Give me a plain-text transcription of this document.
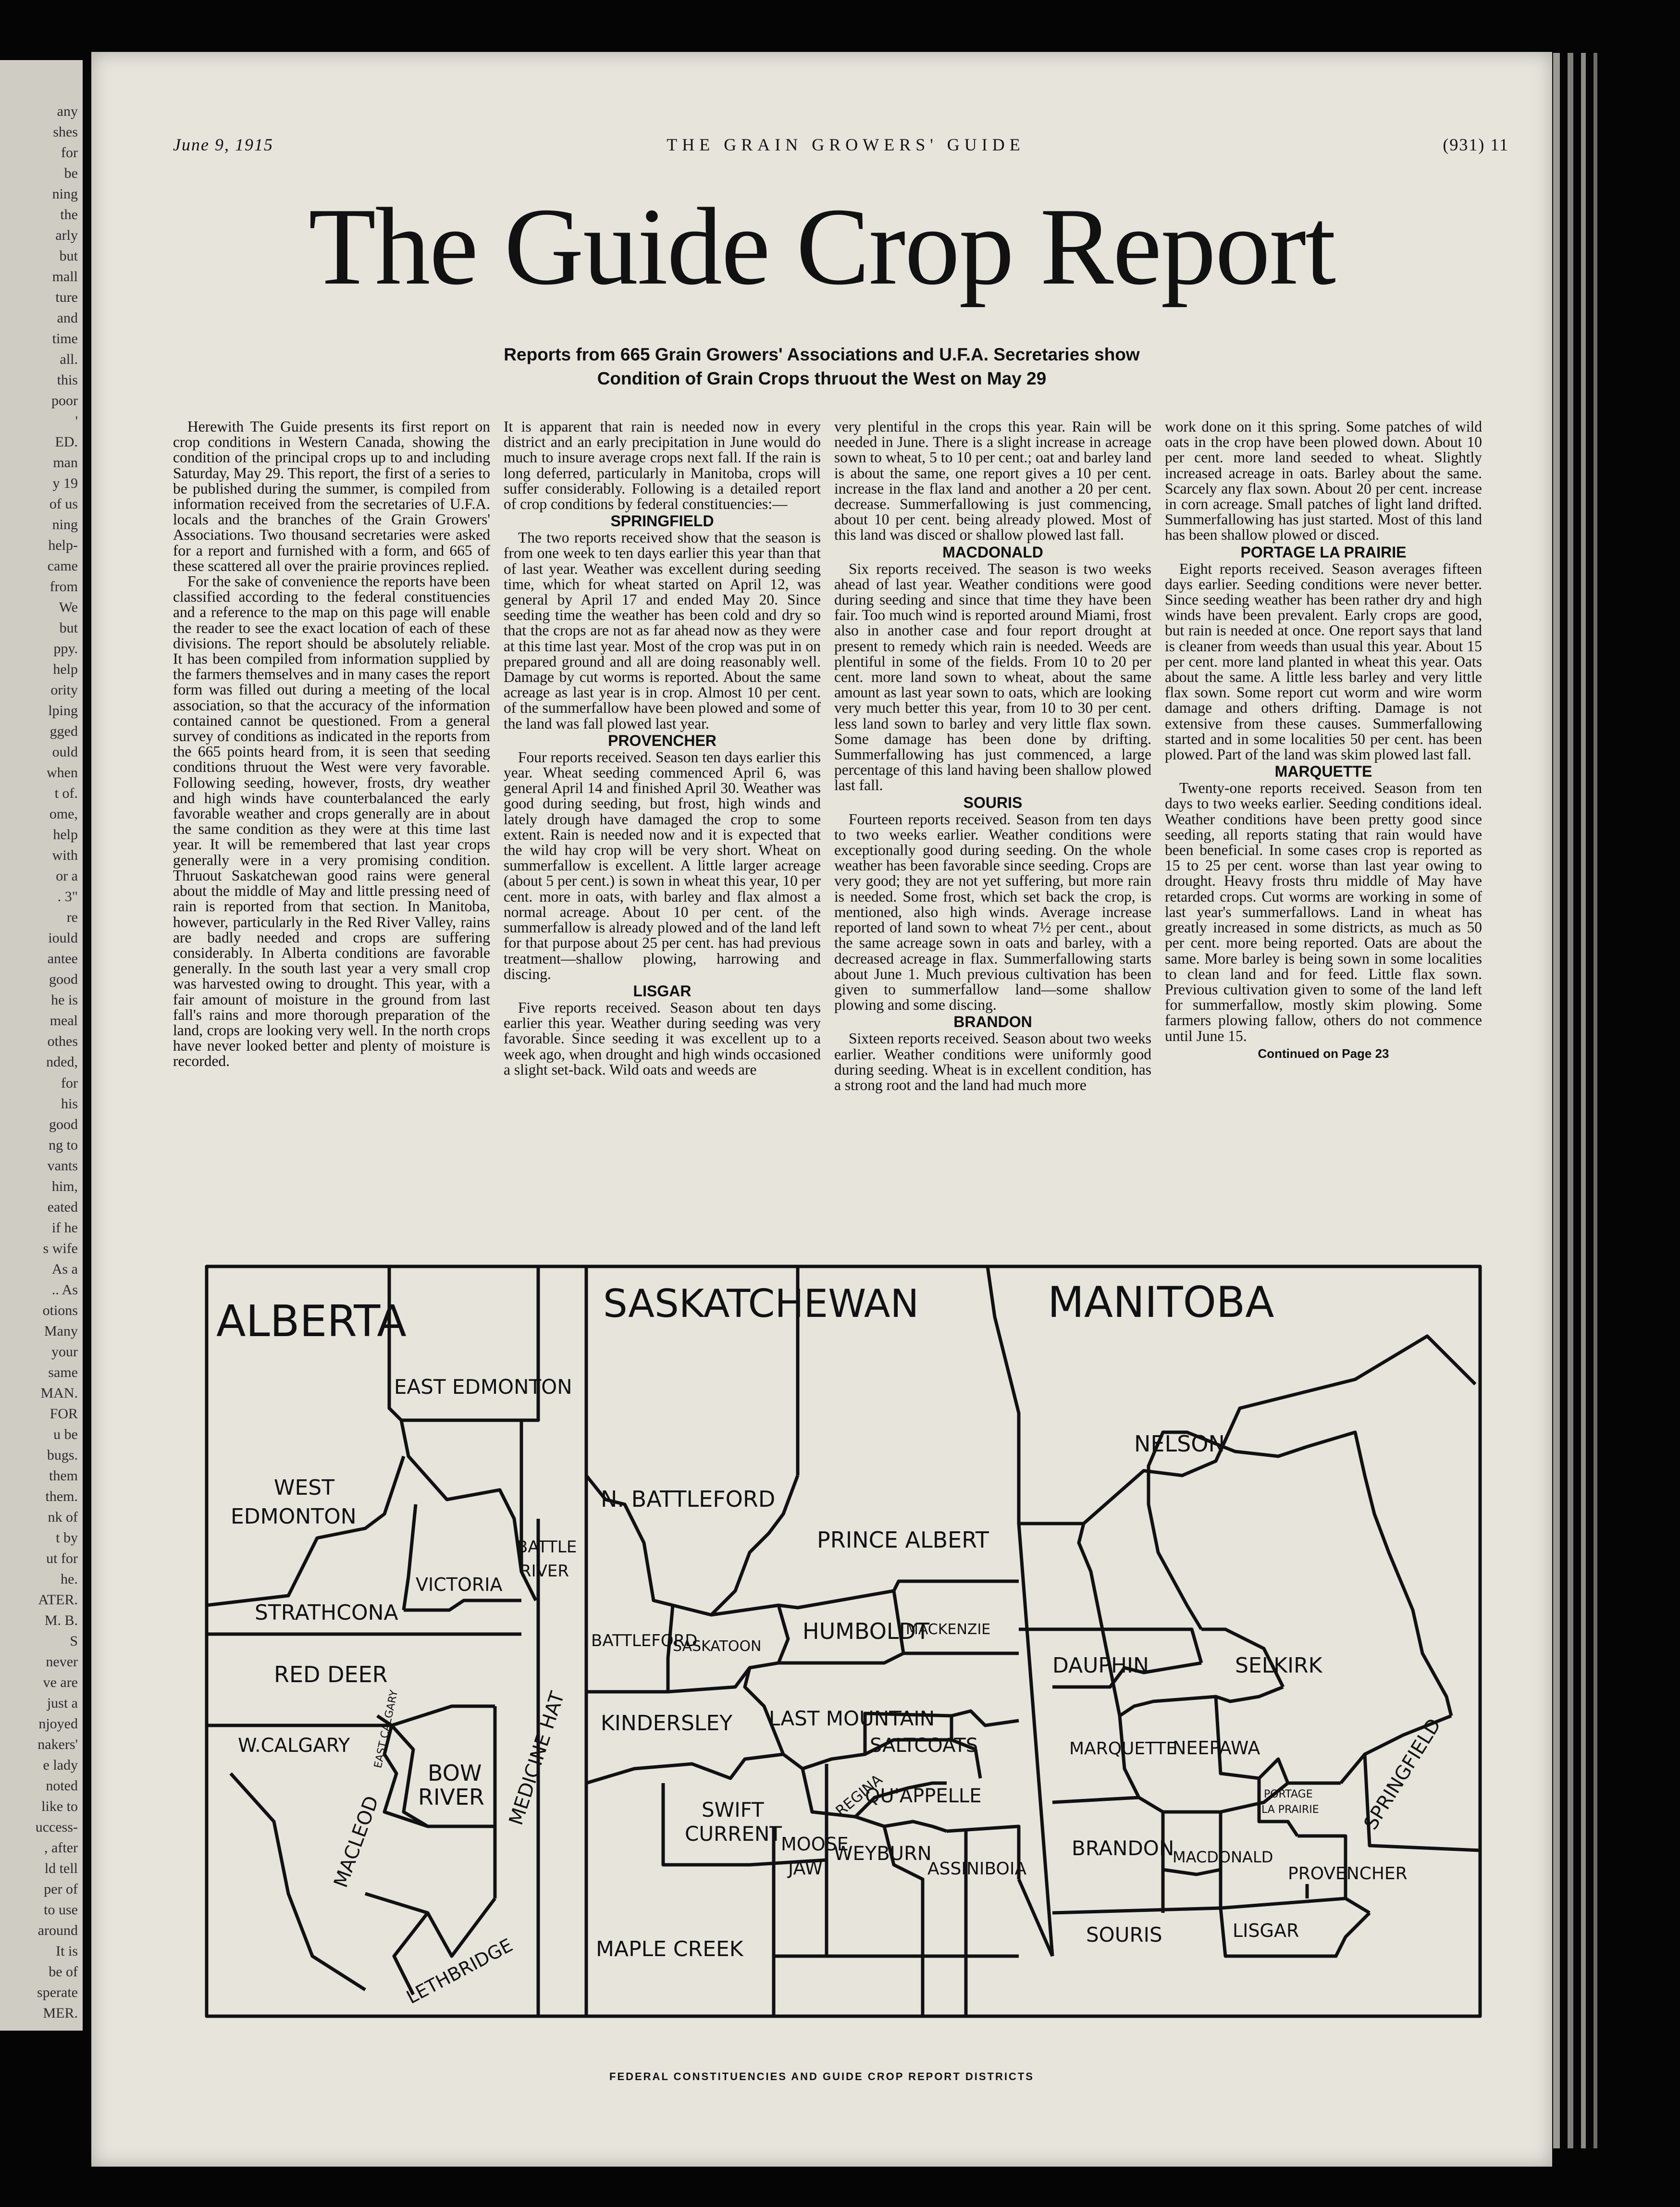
any
shes
for
be
ning
the
arly
but
mall
ture
and
time
all.
this
poor
'
ED.
man
y 19
of us
ning
help-
came
from
We
but
ppy.
help
ority
lping
gged
ould
when
t of.
ome,
help
with
or a
. 3"
re
iould
antee
good
he is
meal
othes
nded,
for
his
good
ng to
vants
him,
eated
if he
s wife
As a
.. As
otions
Many
your
same
MAN.
FOR
u be
bugs.
them
them.
nk of
t by
ut for
he.
ATER.
M. B.
S
never
ve are
just a
njoyed
nakers'
e lady
noted
like to
uccess-
, after
ld tell
per of
to use
around
It is
be of
sperate
MER.
June 9, 1915	THE GRAIN GROWERS' GUIDE	(931) 11
The Guide Crop Report
Reports from 665 Grain Growers' Associations and U.F.A. Secretaries show
Condition of Grain Crops thruout the West on May 29

Herewith The Guide presents its first report on crop conditions in Western Canada, showing the condition of the principal crops up to and including Saturday, May 29. This report, the first of a series to be published during the summer, is compiled from information received from the secretaries of U.F.A. locals and the branches of the Grain Growers' Associations. Two thousand secretaries were asked for a report and furnished with a form, and 665 of these scattered all over the prairie provinces replied.

For the sake of convenience the reports have been classified according to the federal constituencies and a reference to the map on this page will enable the reader to see the exact location of each of these divisions. The report should be absolutely reliable. It has been compiled from information supplied by the farmers themselves and in many cases the report form was filled out during a meeting of the local association, so that the accuracy of the information contained cannot be questioned. From a general survey of conditions as indicated in the reports from the 665 points heard from, it is seen that seeding conditions thruout the West were very favorable. Following seeding, however, frosts, dry weather and high winds have counterbalanced the early favorable weather and crops generally are in about the same condition as they were at this time last year. It will be remembered that last year crops generally were in a very promising condition. Thruout Saskatchewan good rains were general about the middle of May and little pressing need of rain is reported from that section. In Manitoba, however, particularly in the Red River Valley, rains are badly needed and crops are suffering considerably. In Alberta conditions are favorable generally. In the south last year a very small crop was harvested owing to drought. This year, with a fair amount of moisture in the ground from last fall's rains and more thorough preparation of the land, crops are looking very well. In the north crops have never looked better and plenty of moisture is recorded.

It is apparent that rain is needed now in every district and an early precipitation in June would do much to insure average crops next fall. If the rain is long deferred, particularly in Manitoba, crops will suffer considerably. Following is a detailed report of crop conditions by federal constituencies:—

SPRINGFIELD

The two reports received show that the season is from one week to ten days earlier this year than that of last year. Weather was excellent during seeding time, which for wheat started on April 12, was general by April 17 and ended May 20. Since seeding time the weather has been cold and dry so that the crops are not as far ahead now as they were at this time last year. Most of the crop was put in on prepared ground and all are doing reasonably well. Damage by cut worms is reported. About the same acreage as last year is in crop. Almost 10 per cent. of the summerfallow have been plowed and some of the land was fall plowed last year.

PROVENCHER

Four reports received. Season ten days earlier this year. Wheat seeding commenced April 6, was general April 14 and finished April 30. Weather was good during seeding, but frost, high winds and lately drough have damaged the crop to some extent. Rain is needed now and it is expected that the wild hay crop will be very short. Wheat on summerfallow is excellent. A little larger acreage (about 5 per cent.) is sown in wheat this year, 10 per cent. more in oats, with barley and flax almost a normal acreage. About 10 per cent. of the summerfallow is already plowed and of the land left for that purpose about 25 per cent. has had previous treatment—shallow plowing, harrowing and discing.

LISGAR

Five reports received. Season about ten days earlier this year. Weather during seeding was very favorable. Since seeding it was excellent up to a week ago, when drought and high winds occasioned a slight set-back. Wild oats and weeds are

very plentiful in the crops this year. Rain will be needed in June. There is a slight increase in acreage sown to wheat, 5 to 10 per cent.; oat and barley land is about the same, one report gives a 10 per cent. increase in the flax land and another a 20 per cent. decrease. Summerfallowing is just commencing, about 10 per cent. being already plowed. Most of this land was disced or shallow plowed last fall.

MACDONALD

Six reports received. The season is two weeks ahead of last year. Weather conditions were good during seeding and since that time they have been fair. Too much wind is reported around Miami, frost also in another case and four report drought at present to remedy which rain is needed. Weeds are plentiful in some of the fields. From 10 to 20 per cent. more land sown to wheat, about the same amount as last year sown to oats, which are looking very much better this year, from 10 to 30 per cent. less land sown to barley and very little flax sown. Some damage has been done by drifting. Summerfallowing has just commenced, a large percentage of this land having been shallow plowed last fall.

SOURIS

Fourteen reports received. Season from ten days to two weeks earlier. Weather conditions were exceptionally good during seeding. On the whole weather has been favorable since seeding. Crops are very good; they are not yet suffering, but more rain is needed. Some frost, which set back the crop, is mentioned, also high winds. Average increase reported of land sown to wheat 7½ per cent., about the same acreage sown in oats and barley, with a decreased acreage in flax. Summerfallowing starts about June 1. Much previous cultivation has been given to summerfallow land—some shallow plowing and some discing.

BRANDON

Sixteen reports received. Season about two weeks earlier. Weather conditions were uniformly good during seeding. Wheat is in excellent condition, has a strong root and the land had much more

work done on it this spring. Some patches of wild oats in the crop have been plowed down. About 10 per cent. more land seeded to wheat. Slightly increased acreage in oats. Barley about the same. Scarcely any flax sown. About 20 per cent. increase in corn acreage. Small patches of light land drifted. Summerfallowing has just started. Most of this land has been shallow plowed or disced.

PORTAGE LA PRAIRIE

Eight reports received. Season averages fifteen days earlier. Seeding conditions were never better. Since seeding weather has been rather dry and high winds have been prevalent. Early crops are good, but rain is needed at once. One report says that land is cleaner from weeds than usual this year. About 15 per cent. more land planted in wheat this year. Oats about the same. A little less barley and very little flax sown. Some report cut worm and wire worm damage and others drifting. Damage is not extensive from these causes. Summerfallowing started and in some localities 50 per cent. has been plowed. Part of the land was skim plowed last fall.

MARQUETTE

Twenty-one reports received. Season from ten days to two weeks earlier. Seeding conditions ideal. Weather conditions have been pretty good since seeding, all reports stating that rain would have been beneficial. In some cases crop is reported as 15 to 25 per cent. worse than last year owing to drought. Heavy frosts thru middle of May have retarded crops. Cut worms are working in some of last year's summerfallows. Land in wheat has greatly increased in some districts, as much as 50 per cent. more being reported. Oats are about the same. More barley is being sown in some localities to clean land and for feed. Little flax sown. Previous cultivation given to some of the land left for summerfallow, mostly skim plowing. Some farmers plowing fallow, others do not commence until June 15.

Continued on Page 23
FEDERAL CONSTITUENCIES AND GUIDE CROP REPORT DISTRICTS
ALBERTA	SASKATCHEWAN	MANITOBA
EAST EDMONTON
WEST
EDMONTON
STRATHCONA
VICTORIA
BATTLE
RIVER
RED DEER
W.CALGARY EAST CALGARY
BOW
RIVER MEDICINE HAT
MACLEOD
LETHBRIDGE
N. BATTLEFORD
PRINCE ALBERT
BATTLEFORD
SASKATOON
HUMBOLDT
MACKENZIE
KINDERSLEY LAST MOUNTAIN
SALTCOATS
QU'APPELLE
REGINA
SWIFT
CURRENT
MOOSE
JAW
WEYBURN
ASSINIBOIA
MAPLE CREEK
NELSON
DAUPHIN	SELKIRK
SPRINGFIELD
MARQUETTE
NEEPAWA
PORTAGE
LA PRAIRIE
BRANDON
MACDONALD
PROVENCHER
SOURIS	LISGAR
